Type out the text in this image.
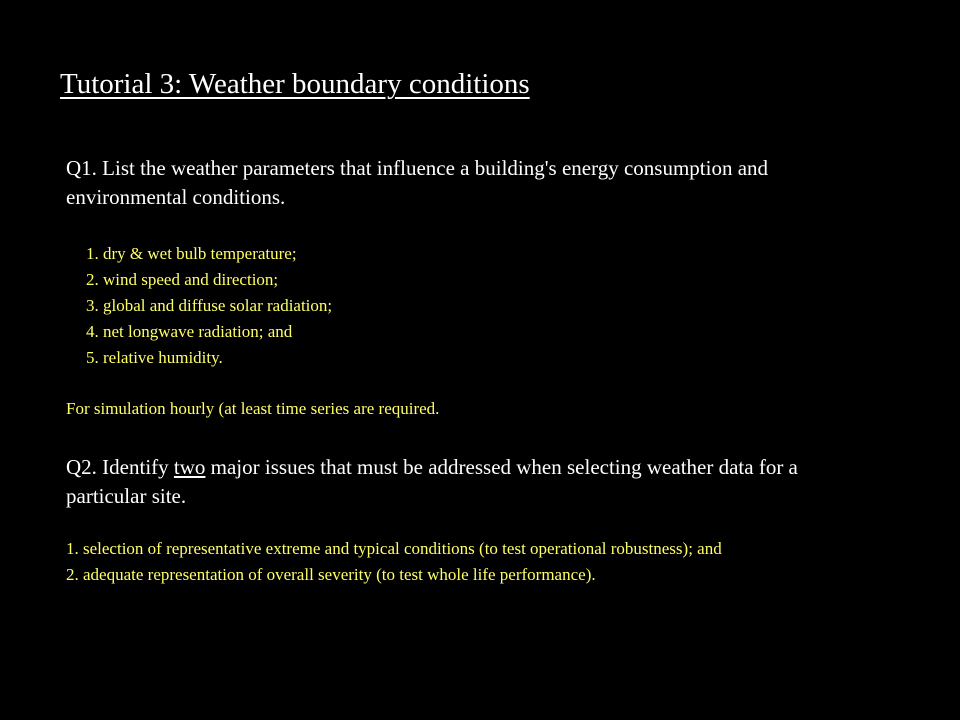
Tutorial 3: Weather boundary conditions

Q1. List the weather parameters that influence a building's energy consumption and environmental conditions.

1. dry & wet bulb temperature;
2. wind speed and direction;
3. global and diffuse solar radiation;
4. net longwave radiation; and
5. relative humidity.

For simulation hourly (at least time series are required.

Q2. Identify two major issues that must be addressed when selecting weather data for a particular site.

1. selection of representative extreme and typical conditions (to test operational robustness); and

2. adequate representation of overall severity (to test whole life performance).
